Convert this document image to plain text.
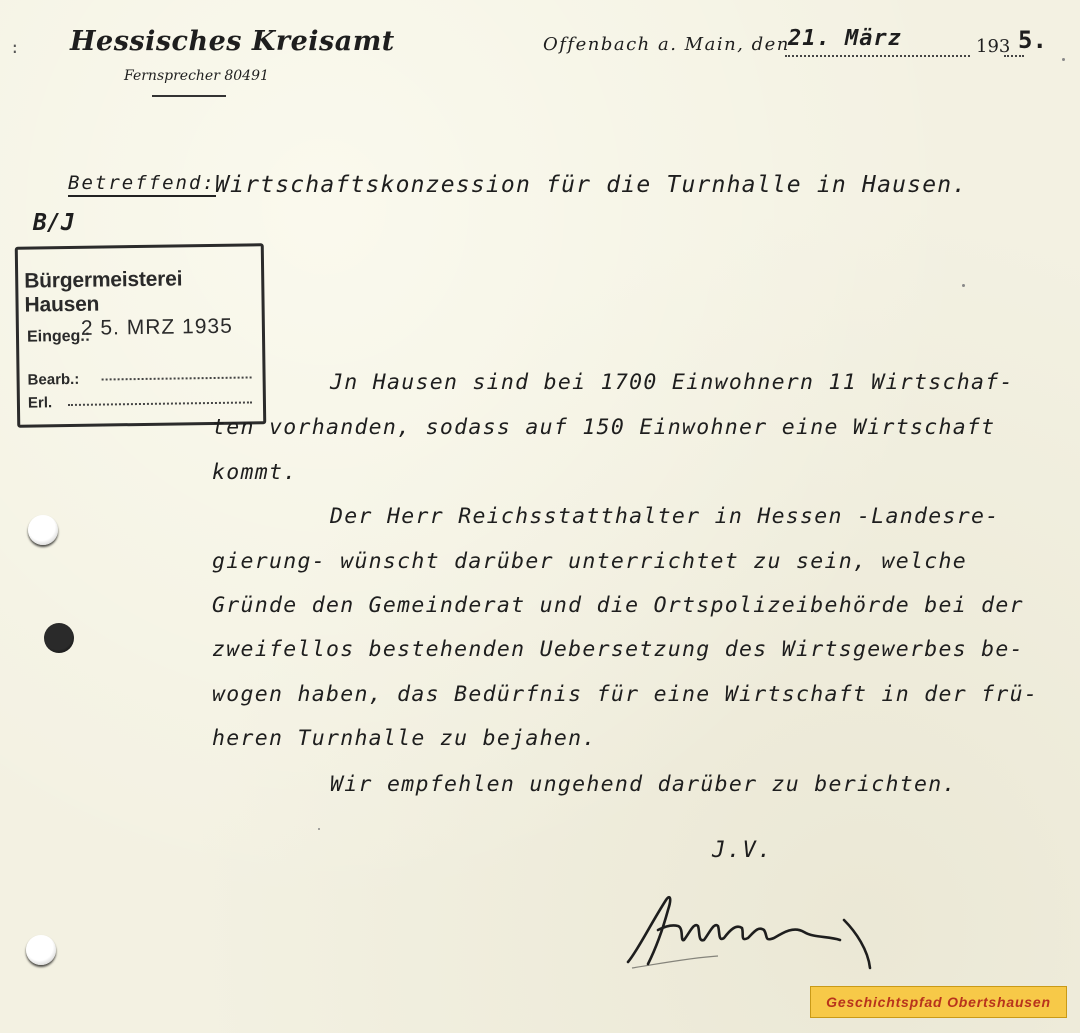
: Hessisches Kreisamt
Fernsprecher 80491
Offenbach a. Main, den
21. März	193 5.
Betreffend: Wirtschaftskonzession für die Turnhalle in Hausen.
B/J
Bürgermeisterei Hausen
Eingeg.:
2 5. MRZ 1935
Bearb.:
Erl.
Jn Hausen sind bei 1700 Einwohnern 11 Wirtschaf-
ten vorhanden, sodass auf 150 Einwohner eine Wirtschaft
kommt.
Der Herr Reichsstatthalter in Hessen -Landesre-
gierung- wünscht darüber unterrichtet zu sein, welche
Gründe den Gemeinderat und die Ortspolizeibehörde bei der
zweifellos bestehenden Uebersetzung des Wirtsgewerbes be-
wogen haben, das Bedürfnis für eine Wirtschaft in der frü-
heren Turnhalle zu bejahen.
Wir empfehlen ungehend darüber zu berichten.
J.V.
Geschichtspfad Obertshausen
